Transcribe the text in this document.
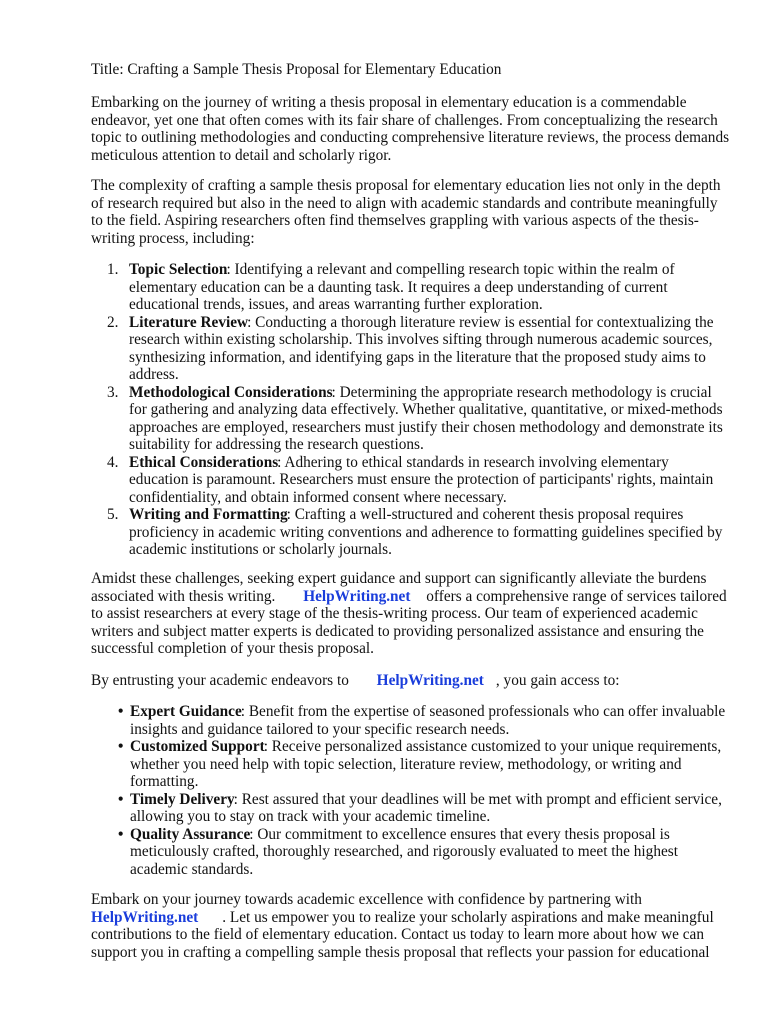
Title: Crafting a Sample Thesis Proposal for Elementary Education

Embarking on the journey of writing a thesis proposal in elementary education is a commendable endeavor, yet one that often comes with its fair share of challenges. From conceptualizing the research topic to outlining methodologies and conducting comprehensive literature reviews, the process demands meticulous attention to detail and scholarly rigor.

The complexity of crafting a sample thesis proposal for elementary education lies not only in the depth of research required but also in the need to align with academic standards and contribute meaningfully to the field. Aspiring researchers often find themselves grappling with various aspects of the thesis-writing process, including:

1. Topic Selection: Identifying a relevant and compelling research topic within the realm of elementary education can be a daunting task. It requires a deep understanding of current educational trends, issues, and areas warranting further exploration.
2. Literature Review: Conducting a thorough literature review is essential for contextualizing the research within existing scholarship. This involves sifting through numerous academic sources, synthesizing information, and identifying gaps in the literature that the proposed study aims to address.
3. Methodological Considerations: Determining the appropriate research methodology is crucial for gathering and analyzing data effectively. Whether qualitative, quantitative, or mixed-methods approaches are employed, researchers must justify their chosen methodology and demonstrate its suitability for addressing the research questions.
4. Ethical Considerations: Adhering to ethical standards in research involving elementary education is paramount. Researchers must ensure the protection of participants' rights, maintain confidentiality, and obtain informed consent where necessary.
5. Writing and Formatting: Crafting a well-structured and coherent thesis proposal requires proficiency in academic writing conventions and adherence to formatting guidelines specified by academic institutions or scholarly journals.

Amidst these challenges, seeking expert guidance and support can significantly alleviate the burdens associated with thesis writing. HelpWriting.net offers a comprehensive range of services tailored to assist researchers at every stage of the thesis-writing process. Our team of experienced academic writers and subject matter experts is dedicated to providing personalized assistance and ensuring the successful completion of your thesis proposal.

By entrusting your academic endeavors to HelpWriting.net , you gain access to:

• Expert Guidance: Benefit from the expertise of seasoned professionals who can offer invaluable insights and guidance tailored to your specific research needs.
• Customized Support: Receive personalized assistance customized to your unique requirements, whether you need help with topic selection, literature review, methodology, or writing and formatting.
• Timely Delivery: Rest assured that your deadlines will be met with prompt and efficient service, allowing you to stay on track with your academic timeline.
• Quality Assurance: Our commitment to excellence ensures that every thesis proposal is meticulously crafted, thoroughly researched, and rigorously evaluated to meet the highest academic standards.

Embark on your journey towards academic excellence with confidence by partnering with HelpWriting.net . Let us empower you to realize your scholarly aspirations and make meaningful contributions to the field of elementary education. Contact us today to learn more about how we can support you in crafting a compelling sample thesis proposal that reflects your passion for educational
